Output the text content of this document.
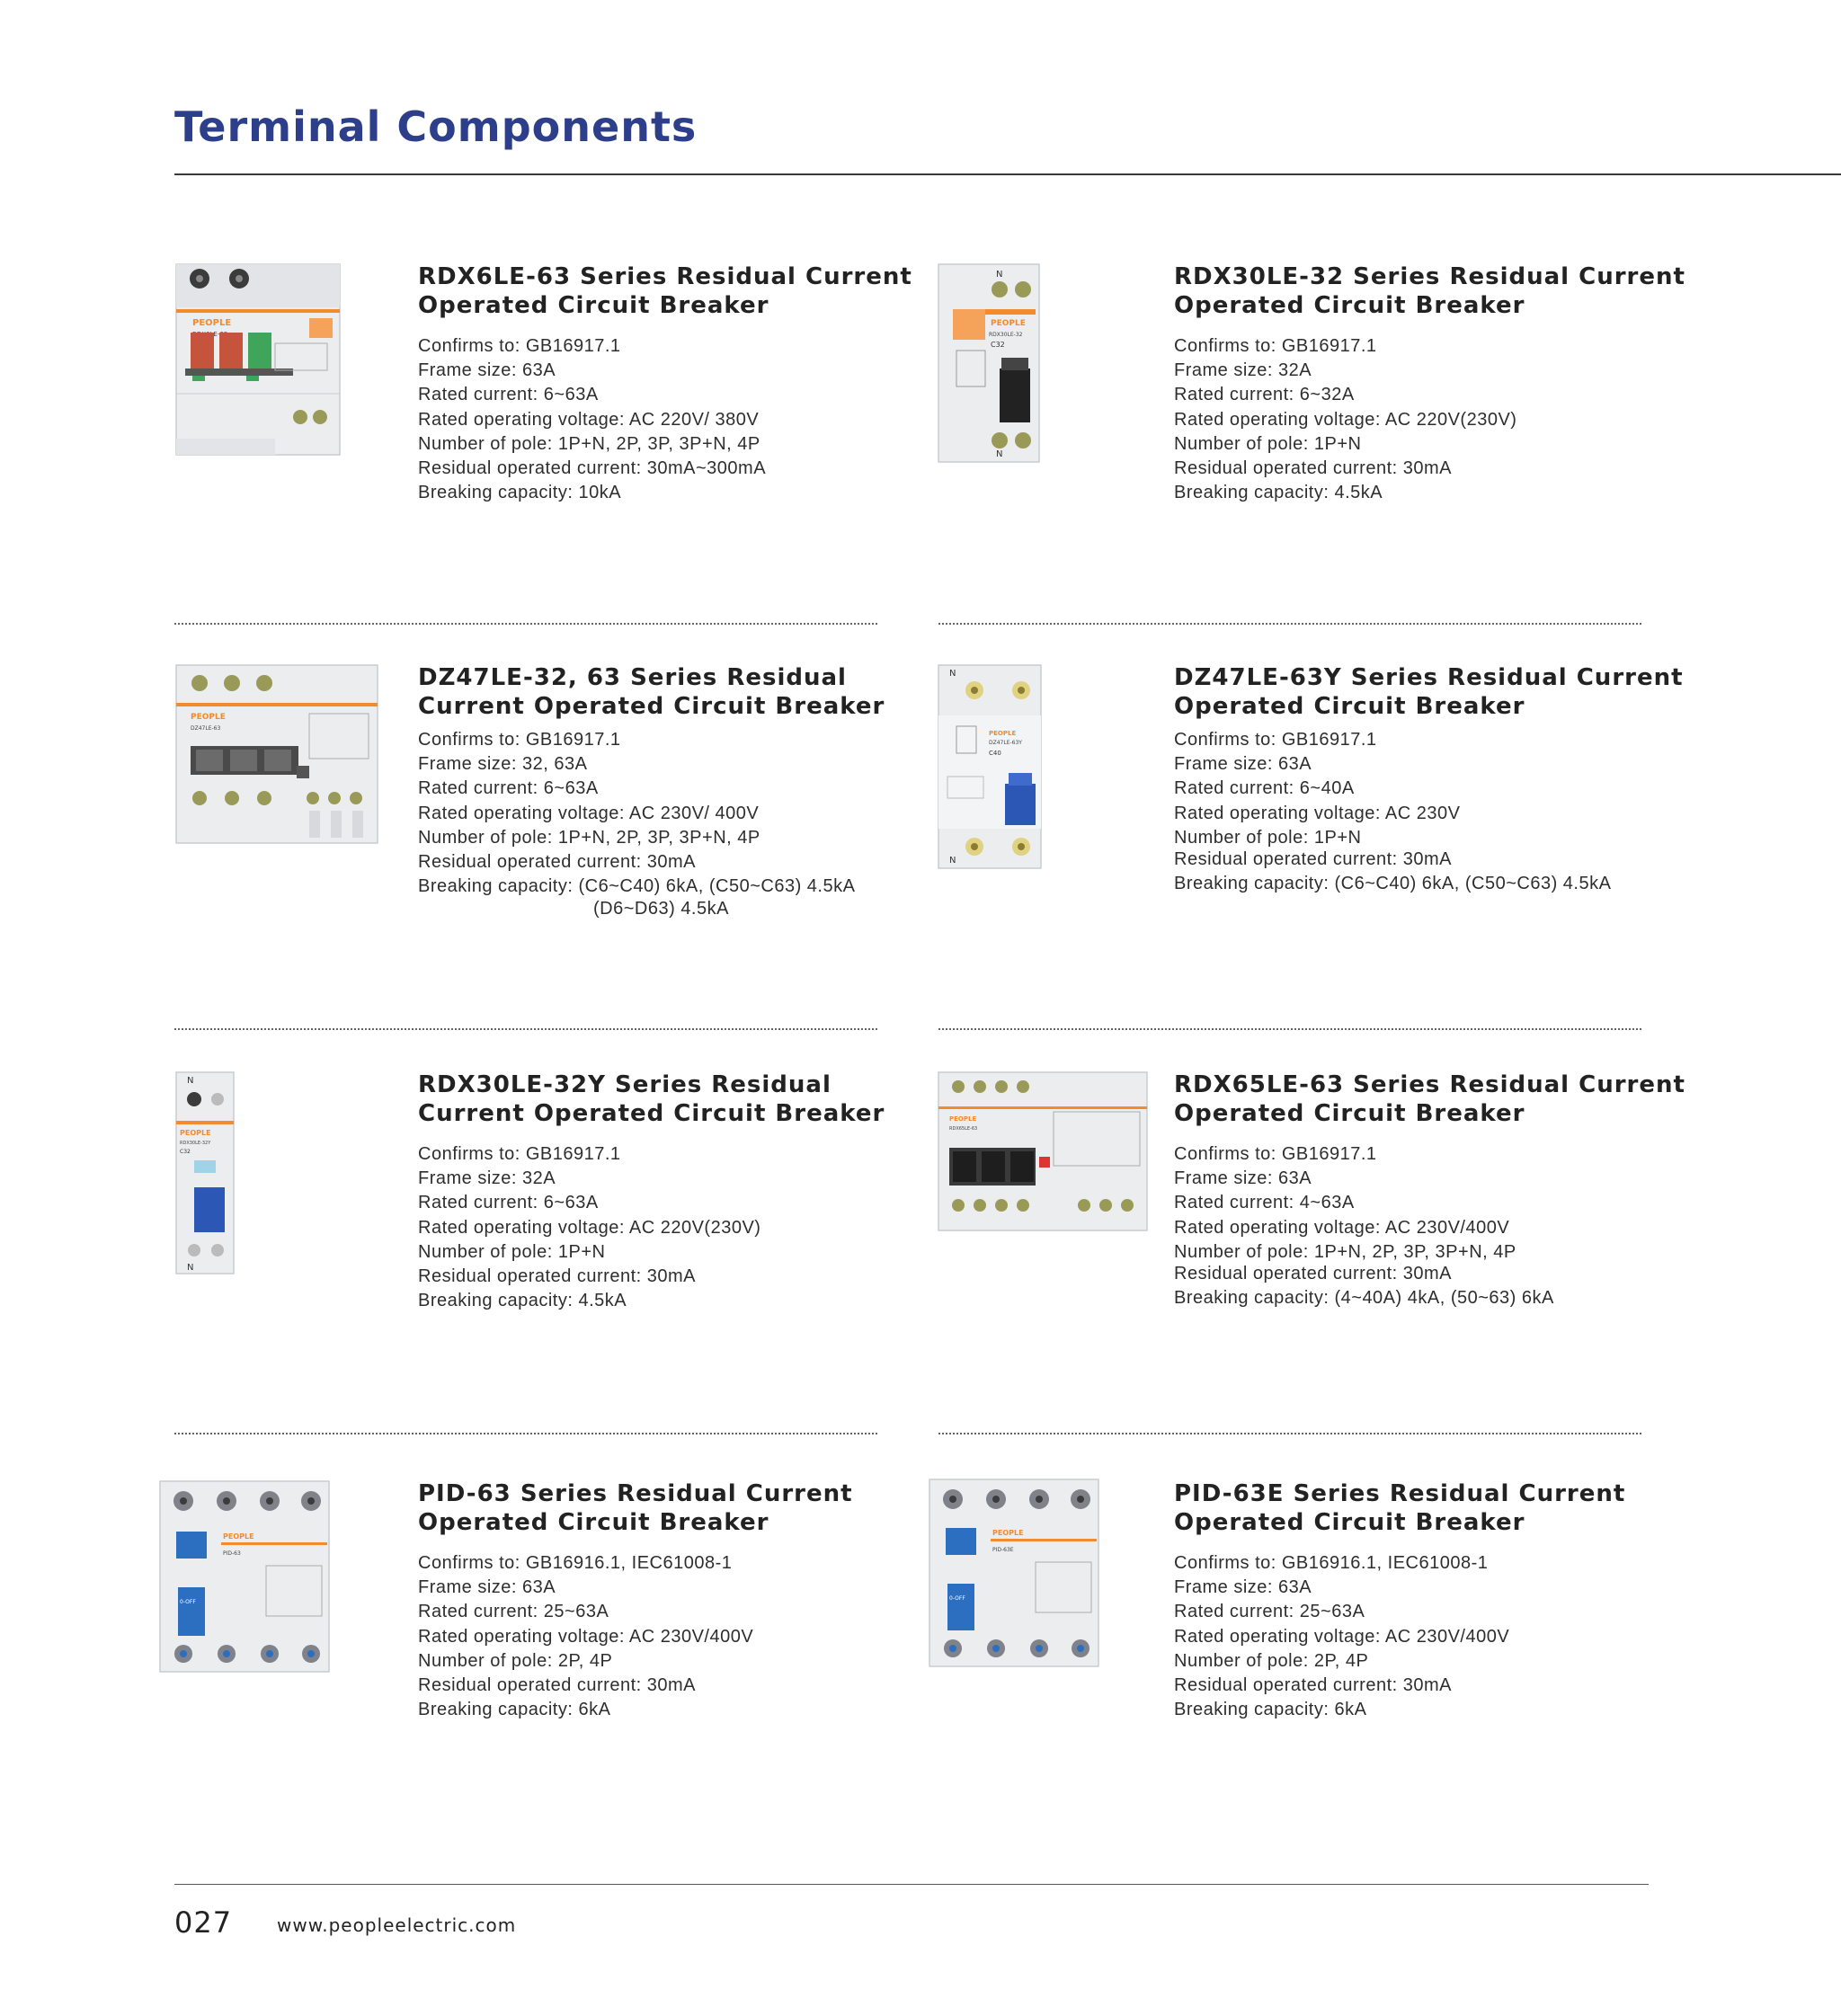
Terminal Components
PEOPLE
RDX6LE-63 Series Residual Current
Operated Circuit Breaker
Confirms to: GB16917.1
Frame size: 63A
Rated current: 6~63A
Rated operating voltage: AC 220V/ 380V
Number of pole: 1P+N, 2P, 3P, 3P+N, 4P
Residual operated current: 30mA~300mA
Breaking capacity: 10kA
N
PEOPLE
RDX30LE-32
C32
N
RDX30LE-32 Series Residual Current
Operated Circuit Breaker
Confirms to: GB16917.1
Frame size: 32A
Rated current: 6~32A
Rated operating voltage: AC 220V(230V)
Number of pole: 1P+N
Residual operated current: 30mA
Breaking capacity: 4.5kA
PEOPLE
DZ47LE-63
DZ47LE-32, 63 Series Residual
Current Operated Circuit Breaker
Confirms to: GB16917.1
Frame size: 32, 63A
Rated current: 6~63A
Rated operating voltage: AC 230V/ 400V
Number of pole: 1P+N, 2P, 3P, 3P+N, 4P
Residual operated current: 30mA
Breaking capacity: (C6~C40) 6kA, (C50~C63) 4.5kA
(D6~D63) 4.5kA
N
PEOPLE
DZ47LE-63Y
C40
N
DZ47LE-63Y Series Residual Current
Operated Circuit Breaker
Confirms to: GB16917.1
Frame size: 63A
Rated current: 6~40A
Rated operating voltage: AC 230V
Number of pole: 1P+N
Residual operated current: 30mA
Breaking capacity: (C6~C40) 6kA, (C50~C63) 4.5kA
N
PEOPLE
RDX30LE-32Y
C32
N
RDX30LE-32Y Series Residual
Current Operated Circuit Breaker
Confirms to: GB16917.1
Frame size: 32A
Rated current: 6~63A
Rated operating voltage: AC 220V(230V)
Number of pole: 1P+N
Residual operated current: 30mA
Breaking capacity: 4.5kA
PEOPLE
RDX65LE-63
RDX65LE-63 Series Residual Current
Operated Circuit Breaker
Confirms to: GB16917.1
Frame size: 63A
Rated current: 4~63A
Rated operating voltage: AC 230V/400V
Number of pole: 1P+N, 2P, 3P, 3P+N, 4P
Residual operated current: 30mA
Breaking capacity: (4~40A) 4kA, (50~63) 6kA
PEOPLE
PID-63
0-OFF
PID-63 Series Residual Current
Operated Circuit Breaker
Confirms to: GB16916.1, IEC61008-1
Frame size: 63A
Rated current: 25~63A
Rated operating voltage: AC 230V/400V
Number of pole: 2P, 4P
Residual operated current: 30mA
Breaking capacity: 6kA
PEOPLE
PID-63E
0-OFF
PID-63E Series Residual Current
Operated Circuit Breaker
Confirms to: GB16916.1, IEC61008-1
Frame size: 63A
Rated current: 25~63A
Rated operating voltage: AC 230V/400V
Number of pole: 2P, 4P
Residual operated current: 30mA
Breaking capacity: 6kA
027 www.peopleelectric.com
